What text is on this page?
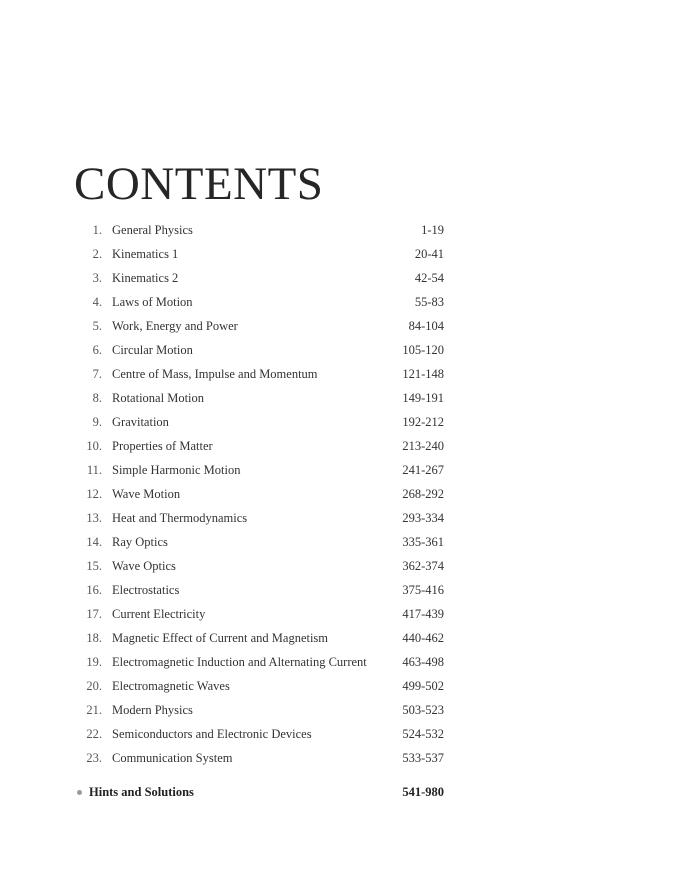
CONTENTS
1. General Physics	1-19
2. Kinematics 1	20-41
3. Kinematics 2	42-54
4. Laws of Motion	55-83
5. Work, Energy and Power	84-104
6. Circular Motion	105-120
7. Centre of Mass, Impulse and Momentum	121-148
8. Rotational Motion	149-191
9. Gravitation	192-212
10. Properties of Matter	213-240
11. Simple Harmonic Motion	241-267
12. Wave Motion	268-292
13. Heat and Thermodynamics	293-334
14. Ray Optics	335-361
15. Wave Optics	362-374
16. Electrostatics	375-416
17. Current Electricity	417-439
18. Magnetic Effect of Current and Magnetism	440-462
19. Electromagnetic Induction and Alternating Current	463-498
20. Electromagnetic Waves	499-502
21. Modern Physics	503-523
22. Semiconductors and Electronic Devices	524-532
23. Communication System	533-537
Hints and Solutions	541-980
